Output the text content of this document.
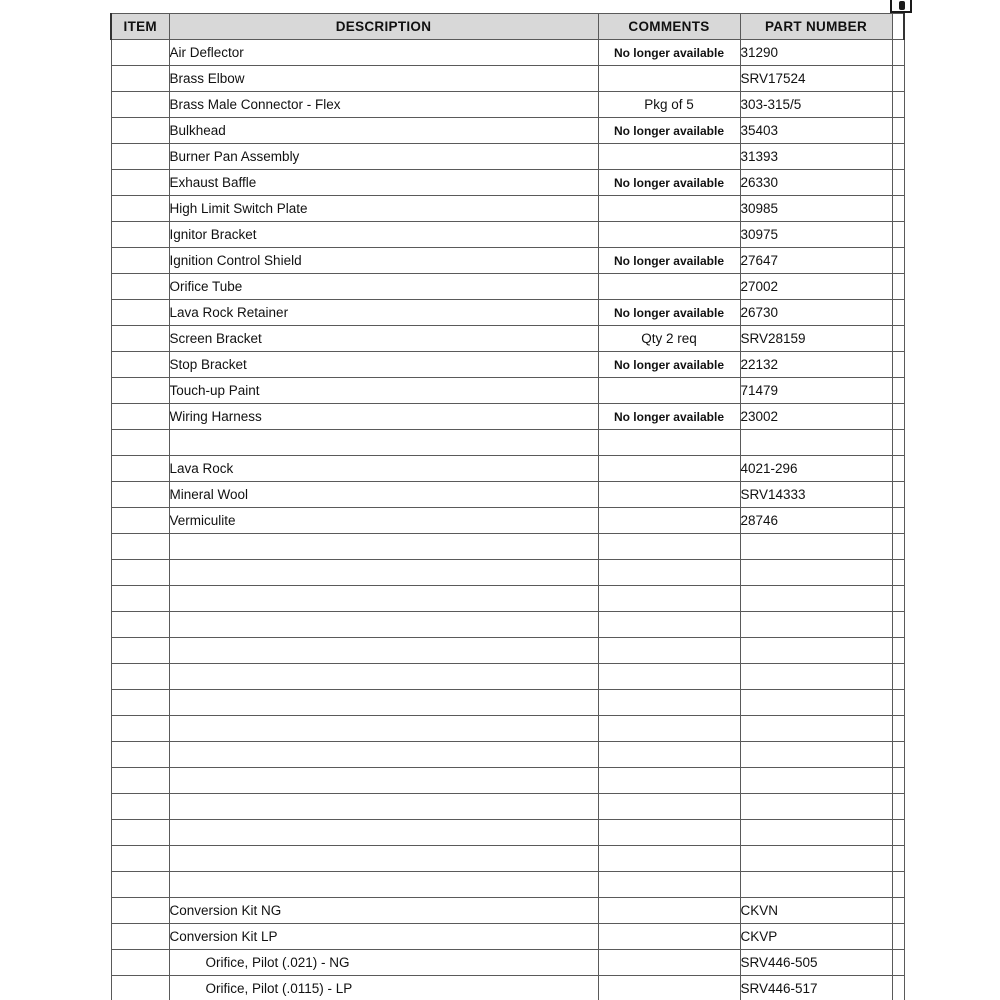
ITEM	DESCRIPTION	COMMENTS	PART NUMBER	
	Air Deflector	No longer available	31290	
	Brass Elbow		SRV17524	
	Brass Male Connector - Flex	Pkg of 5	303-315/5	
	Bulkhead	No longer available	35403	
	Burner Pan Assembly		31393	
	Exhaust Baffle	No longer available	26330	
	High Limit Switch Plate		30985	
	Ignitor Bracket		30975	
	Ignition Control Shield	No longer available	27647	
	Orifice Tube		27002	
	Lava Rock Retainer	No longer available	26730	
	Screen Bracket	Qty 2 req	SRV28159	
	Stop Bracket	No longer available	22132	
	Touch-up Paint		71479	
	Wiring Harness	No longer available	23002	

	Lava Rock		4021-296	
	Mineral Wool		SRV14333	
	Vermiculite		28746	

	Conversion Kit NG		CKVN	
	Conversion Kit LP		CKVP	
	Orifice, Pilot (.021) - NG		SRV446-505	
	Orifice, Pilot (.0115) - LP		SRV446-517	
